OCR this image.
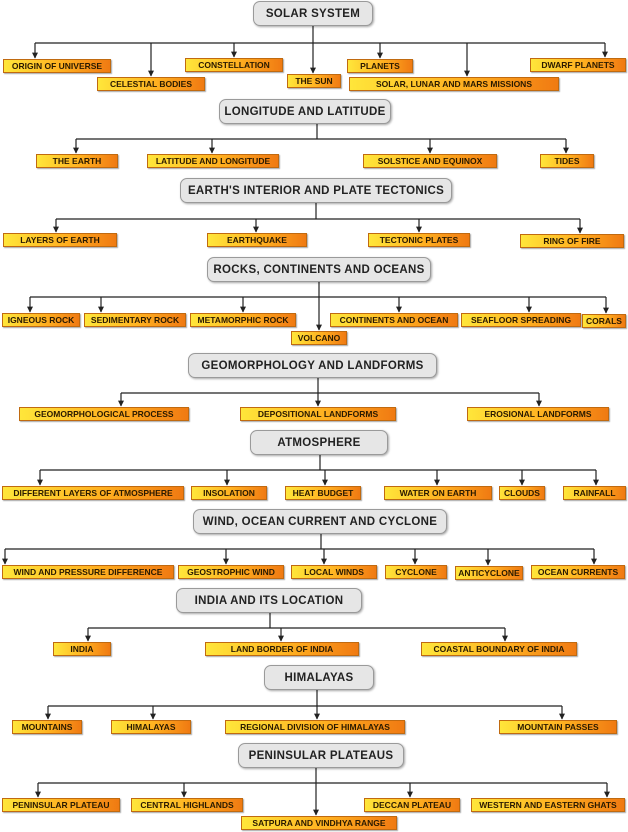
SOLAR SYSTEM
ORIGIN OF UNIVERSE
CELESTIAL BODIES
CONSTELLATION
THE SUN
PLANETS
SOLAR, LUNAR AND MARS MISSIONS
DWARF PLANETS
LONGITUDE AND LATITUDE
THE EARTH	LATITUDE AND LONGITUDE	SOLSTICE AND EQUINOX	TIDES
EARTH'S INTERIOR AND PLATE TECTONICS
LAYERS OF EARTH	EARTHQUAKE	TECTONIC PLATES	RING OF FIRE
ROCKS, CONTINENTS AND OCEANS
IGNEOUS ROCK	SEDIMENTARY ROCK	METAMORPHIC ROCK
VOLCANO
CONTINENTS AND OCEAN	SEAFLOOR SPREADING	CORALS
GEOMORPHOLOGY AND LANDFORMS
GEOMORPHOLOGICAL PROCESS	DEPOSITIONAL LANDFORMS	EROSIONAL LANDFORMS
ATMOSPHERE
DIFFERENT LAYERS OF ATMOSPHERE	INSOLATION	HEAT BUDGET	WATER ON EARTH	CLOUDS	RAINFALL
WIND, OCEAN CURRENT AND CYCLONE
WIND AND PRESSURE DIFFERENCE	GEOSTROPHIC WIND	LOCAL WINDS	CYCLONE	ANTICYCLONE	OCEAN CURRENTS
INDIA AND ITS LOCATION
INDIA	LAND BORDER OF INDIA	COASTAL BOUNDARY OF INDIA
HIMALAYAS
MOUNTAINS	HIMALAYAS	REGIONAL DIVISION OF HIMALAYAS	MOUNTAIN PASSES
PENINSULAR PLATEAUS
PENINSULAR PLATEAU	CENTRAL HIGHLANDS
SATPURA AND VINDHYA RANGE
DECCAN PLATEAU	WESTERN AND EASTERN GHATS
